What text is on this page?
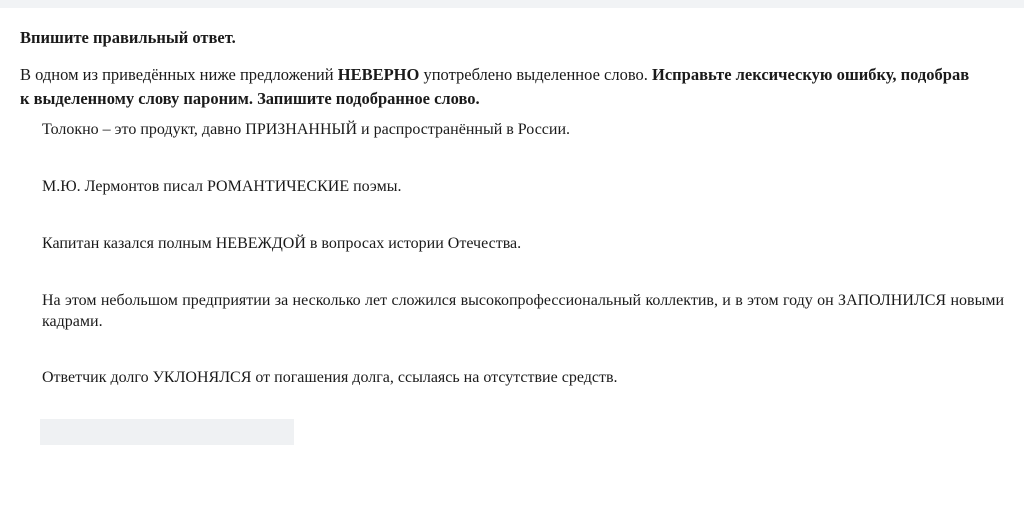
Впишите правильный ответ.
В одном из приведённых ниже предложений НЕВЕРНО употреблено выделенное слово. Исправьте лексическую ошибку, подобрав
к выделенному слову пароним. Запишите подобранное слово.
Толокно – это продукт, давно ПРИЗНАННЫЙ и распространённый в России.
М.Ю. Лермонтов писал РОМАНТИЧЕСКИЕ поэмы.
Капитан казался полным НЕВЕЖДОЙ в вопросах истории Отечества.
На этом небольшом предприятии за несколько лет сложился высокопрофессиональный коллектив, и в этом году он ЗАПОЛНИЛСЯ новыми кадрами.
Ответчик долго УКЛОНЯЛСЯ от погашения долга, ссылаясь на отсутствие средств.
